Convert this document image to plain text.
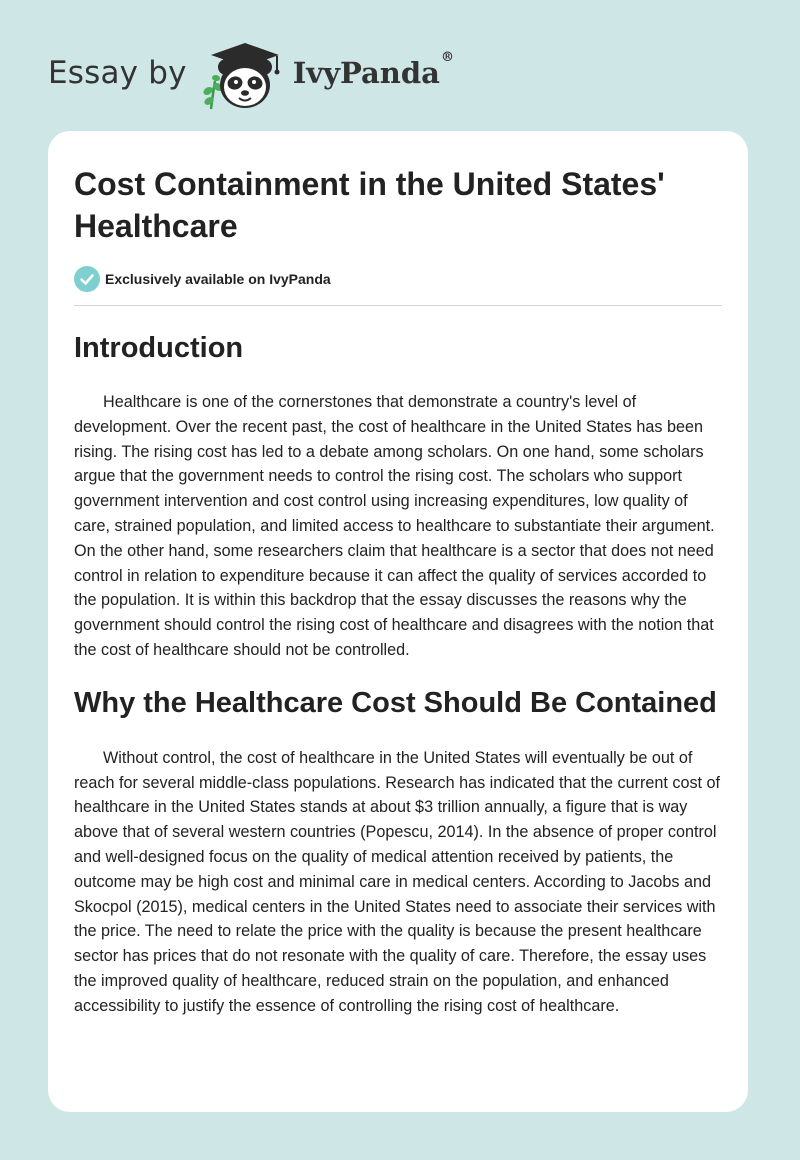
Essay by	IvyPanda®
Cost Containment in the United States' Healthcare
Exclusively available on IvyPanda
Introduction

Healthcare is one of the cornerstones that demonstrate a country's level of development. Over the recent past, the cost of healthcare in the United States has been rising. The rising cost has led to a debate among scholars. On one hand, some scholars argue that the government needs to control the rising cost. The scholars who support government intervention and cost control using increasing expenditures, low quality of care, strained population, and limited access to healthcare to substantiate their argument. On the other hand, some researchers claim that healthcare is a sector that does not need control in relation to expenditure because it can affect the quality of services accorded to the population. It is within this backdrop that the essay discusses the reasons why the government should control the rising cost of healthcare and disagrees with the notion that the cost of healthcare should not be controlled.

Why the Healthcare Cost Should Be Contained

Without control, the cost of healthcare in the United States will eventually be out of reach for several middle-class populations. Research has indicated that the current cost of healthcare in the United States stands at about $3 trillion annually, a figure that is way above that of several western countries (Popescu, 2014). In the absence of proper control and well-designed focus on the quality of medical attention received by patients, the outcome may be high cost and minimal care in medical centers. According to Jacobs and Skocpol (2015), medical centers in the United States need to associate their services with the price. The need to relate the price with the quality is because the present healthcare sector has prices that do not resonate with the quality of care. Therefore, the essay uses the improved quality of healthcare, reduced strain on the population, and enhanced accessibility to justify the essence of controlling the rising cost of healthcare.
